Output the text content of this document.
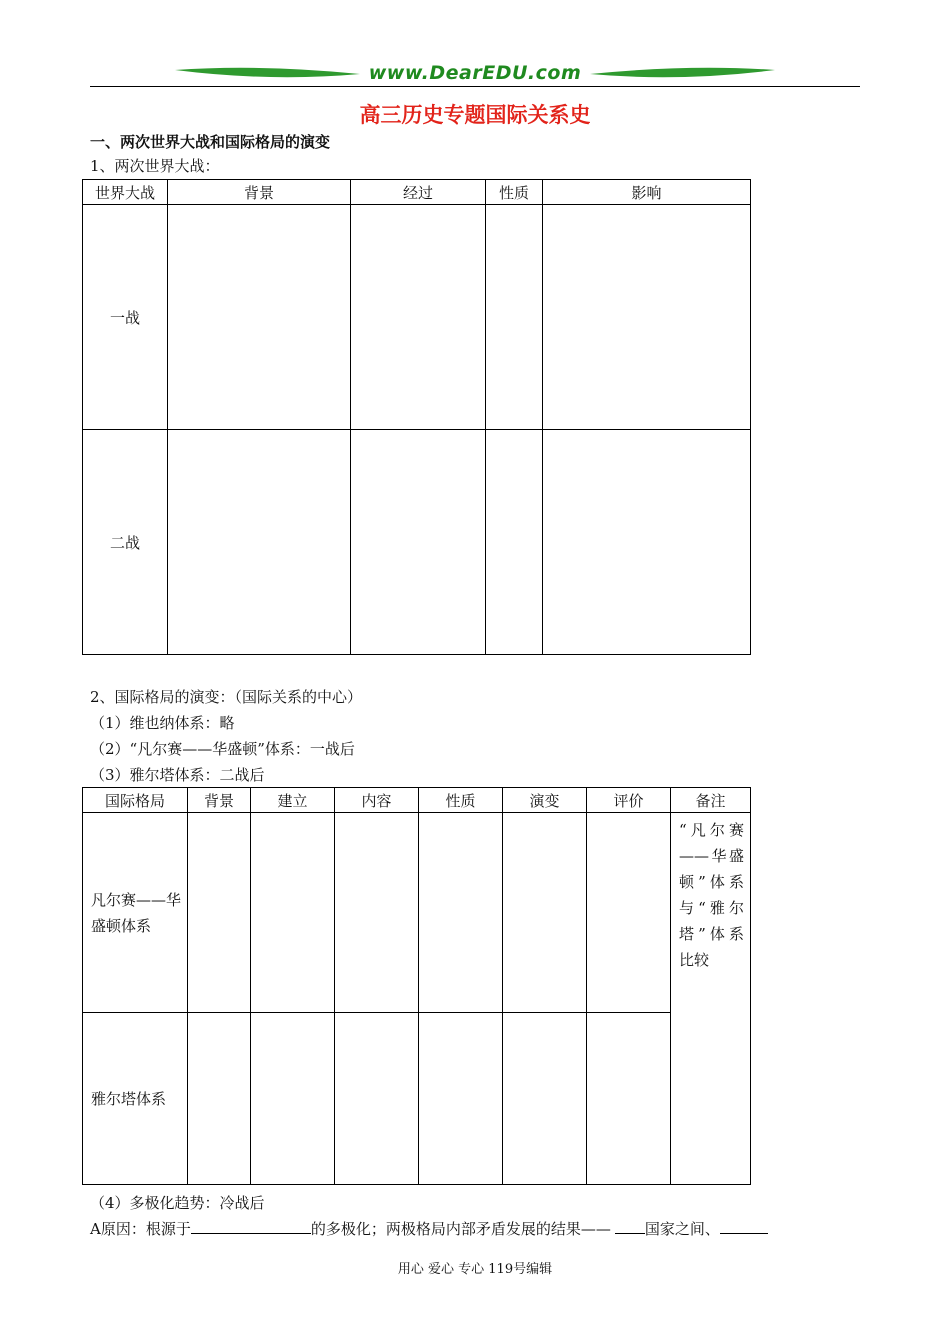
www.DearEDU.com
高三历史专题国际关系史
一、两次世界大战和国际格局的演变
1、两次世界大战：
世界大战	背景	经过	性质	影响
一战				
二战				
2、国际格局的演变：（国际关系的中心）
（1）维也纳体系：略
（2）“凡尔赛——华盛顿”体系：一战后
（3）雅尔塔体系：二战后
国际格局	背景	建立	内容	性质	演变	评价	备注
凡尔赛——华盛顿体系							“凡尔赛——华盛顿”体系与“雅尔塔”体系比较
雅尔塔体系							
（4）多极化趋势：冷战后
A原因：根源于	的多极化；两极格局内部矛盾发展的结果—— 国家之间、
用心 爱心 专心 119号编辑
